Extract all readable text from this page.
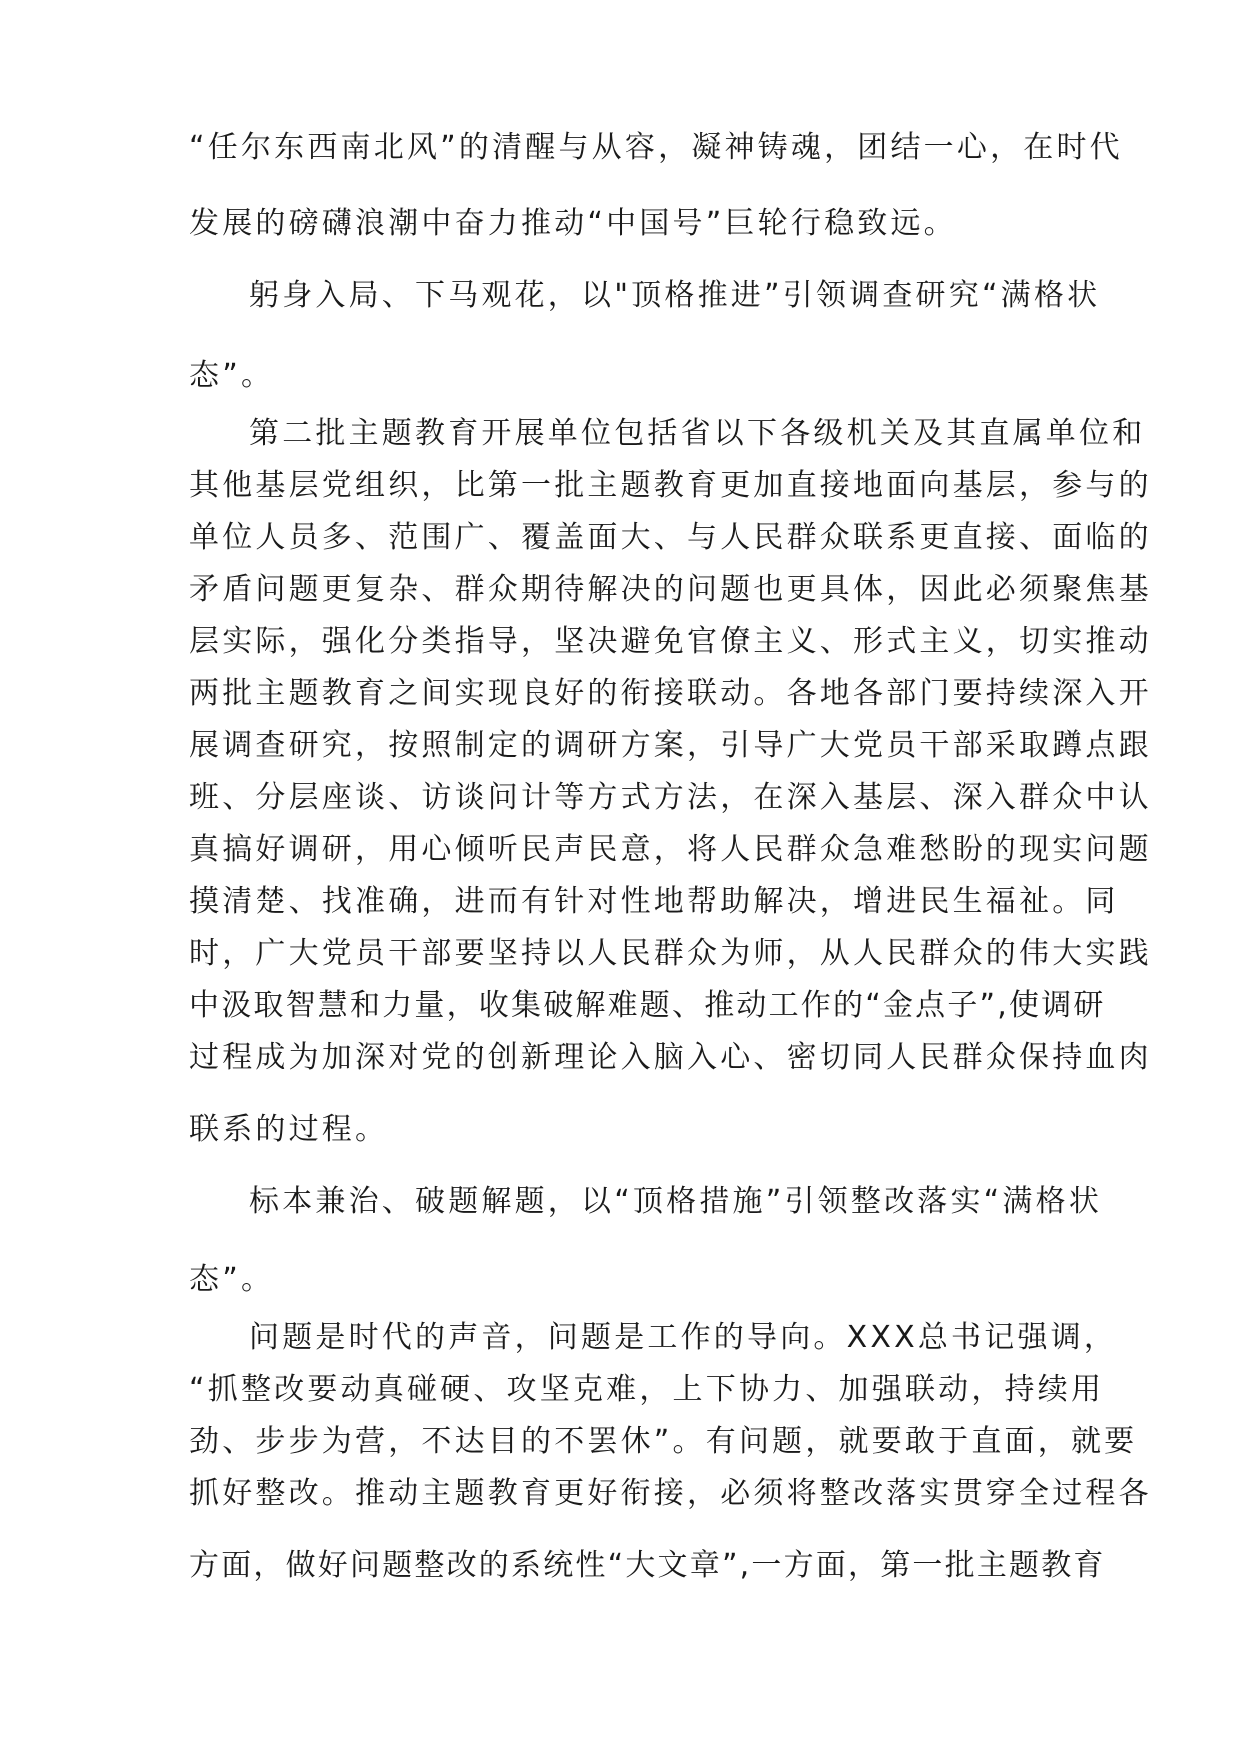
“任尔东西南北风”的清醒与从容，凝神铸魂，团结一心，在时代
发展的磅礴浪潮中奋力推动“中国号”巨轮行稳致远。
躬身入局、下马观花，以"顶格推进”引领调查研究“满格状
态”。
第二批主题教育开展单位包括省以下各级机关及其直属单位和
其他基层党组织，比第一批主题教育更加直接地面向基层，参与的
单位人员多、范围广、覆盖面大、与人民群众联系更直接、面临的
矛盾问题更复杂、群众期待解决的问题也更具体，因此必须聚焦基
层实际，强化分类指导，坚决避免官僚主义、形式主义，切实推动
两批主题教育之间实现良好的衔接联动。各地各部门要持续深入开
展调查研究，按照制定的调研方案，引导广大党员干部采取蹲点跟
班、分层座谈、访谈问计等方式方法，在深入基层、深入群众中认
真搞好调研，用心倾听民声民意，将人民群众急难愁盼的现实问题
摸清楚、找准确，进而有针对性地帮助解决，增进民生福祉。同
时，广大党员干部要坚持以人民群众为师，从人民群众的伟大实践
中汲取智慧和力量，收集破解难题、推动工作的“金点子”,使调研
过程成为加深对党的创新理论入脑入心、密切同人民群众保持血肉
联系的过程。
标本兼治、破题解题，以“顶格措施”引领整改落实“满格状
态”。
问题是时代的声音，问题是工作的导向。XXX总书记强调，
“抓整改要动真碰硬、攻坚克难，上下协力、加强联动，持续用
劲、步步为营，不达目的不罢休”。有问题，就要敢于直面，就要
抓好整改。推动主题教育更好衔接，必须将整改落实贯穿全过程各
方面，做好问题整改的系统性“大文章”,一方面，第一批主题教育
